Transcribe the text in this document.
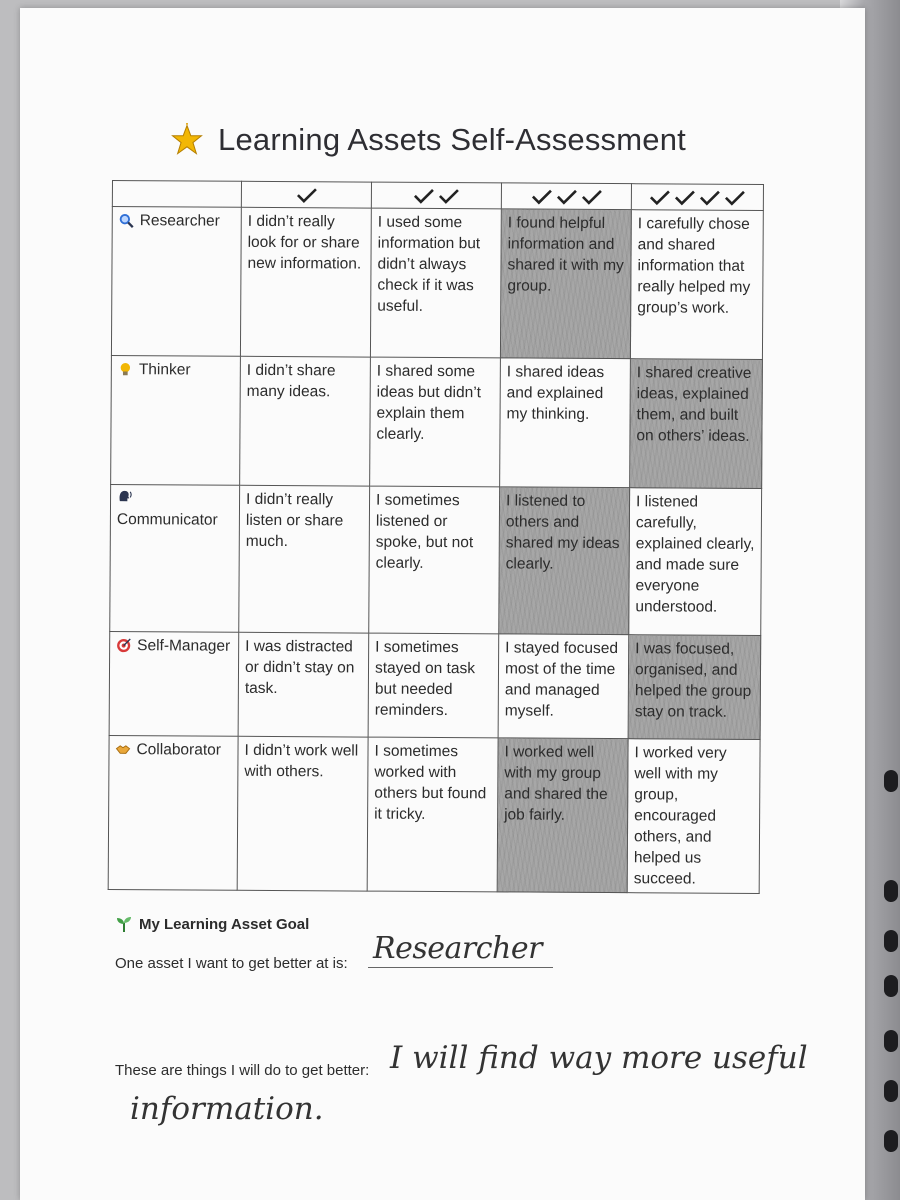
Learning Assets Self-Assessment

Researcher	I didn’t really look for or share new information.	I used some information but didn’t always check if it was useful.	I found helpful information and shared it with my group.	I carefully chose and shared information that really helped my group’s work.

Thinker	I didn’t share many ideas.	I shared some ideas but didn’t explain them clearly.	I shared ideas and explained my thinking.	I shared creative ideas, explained them, and built on others’ ideas.

Communicator	I didn’t really listen or share much.	I sometimes listened or spoke, but not clearly.	I listened to others and shared my ideas clearly.	I listened carefully, explained clearly, and made sure everyone understood.

Self-Manager	I was distracted or didn’t stay on task.	I sometimes stayed on task but needed reminders.	I stayed focused most of the time and managed myself.	I was focused, organised, and helped the group stay on track.

Collaborator	I didn’t work well with others.	I sometimes worked with others but found it tricky.	I worked well with my group and shared the job fairly.	I worked very well with my group, encouraged others, and helped us succeed.
My Learning Asset Goal
One asset I want to get better at is: Researcher
These are things I will do to get better: I will find way more useful
information.
